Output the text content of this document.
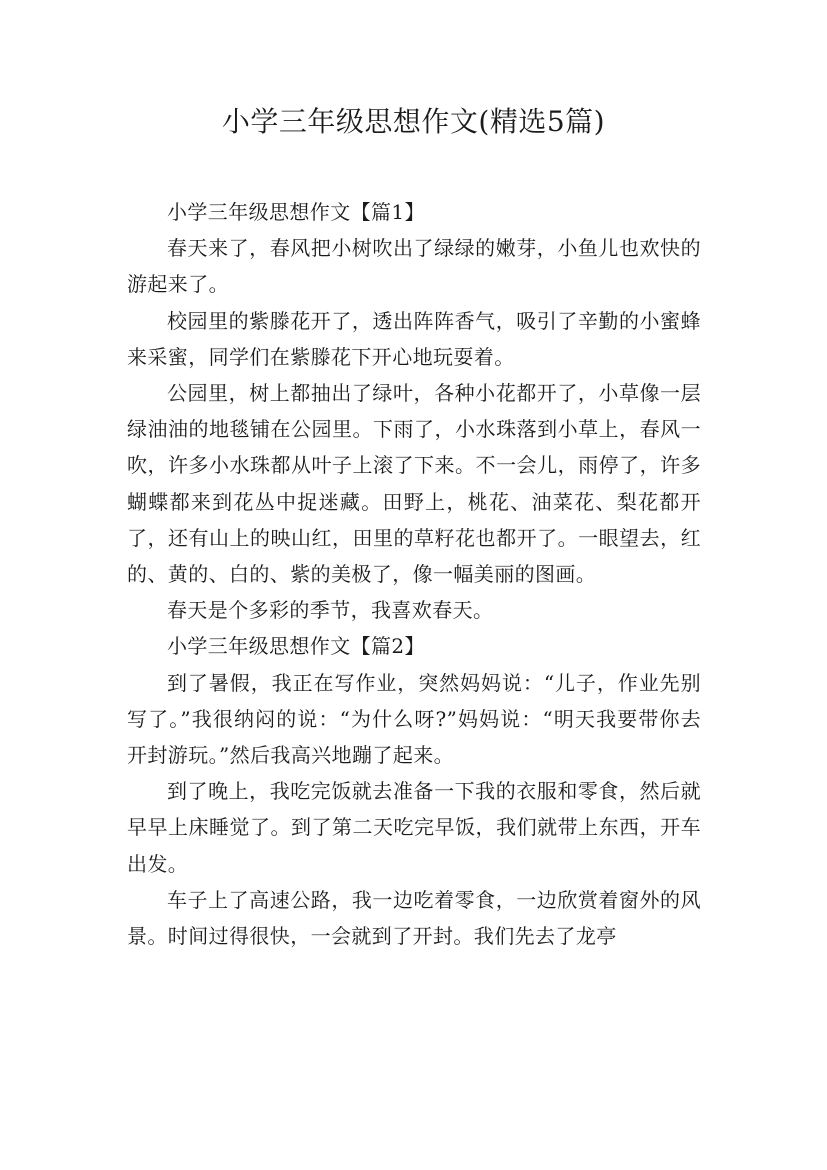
小学三年级思想作文(精选5篇)

小学三年级思想作文【篇1】

春天来了，春风把小树吹出了绿绿的嫩芽，小鱼儿也欢快的游起来了。

校园里的紫滕花开了，透出阵阵香气，吸引了辛勤的小蜜蜂来采蜜，同学们在紫滕花下开心地玩耍着。

公园里，树上都抽出了绿叶，各种小花都开了，小草像一层绿油油的地毯铺在公园里。下雨了，小水珠落到小草上，春风一吹，许多小水珠都从叶子上滚了下来。不一会儿，雨停了，许多蝴蝶都来到花丛中捉迷藏。田野上，桃花、油菜花、梨花都开了，还有山上的映山红，田里的草籽花也都开了。一眼望去，红的、黄的、白的、紫的美极了，像一幅美丽的图画。

春天是个多彩的季节，我喜欢春天。

小学三年级思想作文【篇2】

到了暑假，我正在写作业，突然妈妈说：“儿子，作业先别写了。”我很纳闷的说：“为什么呀?”妈妈说：“明天我要带你去开封游玩。”然后我高兴地蹦了起来。

到了晚上，我吃完饭就去准备一下我的衣服和零食，然后就早早上床睡觉了。到了第二天吃完早饭，我们就带上东西，开车出发。

车子上了高速公路，我一边吃着零食，一边欣赏着窗外的风景。时间过得很快，一会就到了开封。我们先去了龙亭
